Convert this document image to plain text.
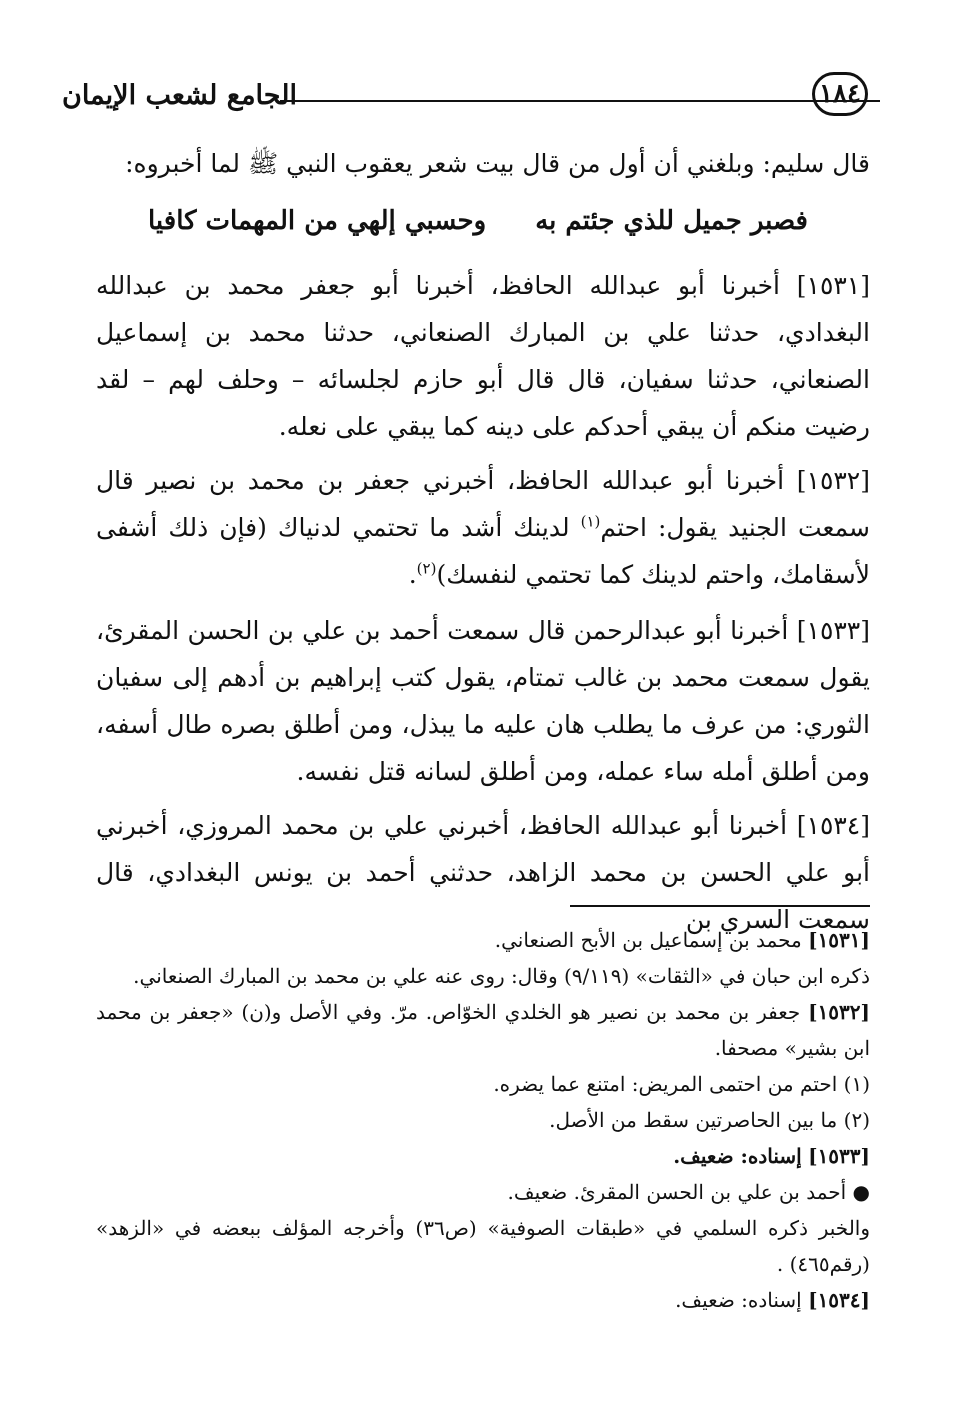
الجامع لشعب الإيمان	١٨٤
قال سليم: وبلغني أن أول من قال بيت شعر يعقوب النبي ﷺ لما أخبروه:
فصبر جميل للذي جئتم به
وحسبي إلهي من المهمات كافيا
[١٥٣١] أخبرنا أبو عبدالله الحافظ، أخبرنا أبو جعفر محمد بن عبدالله البغدادي، حدثنا علي بن المبارك الصنعاني، حدثنا محمد بن إسماعيل الصنعاني، حدثنا سفيان، قال قال أبو حازم لجلسائه – وحلف لهم – لقد رضيت منكم أن يبقي أحدكم على دينه كما يبقي على نعله.
[١٥٣٢] أخبرنا أبو عبدالله الحافظ، أخبرني جعفر بن محمد بن نصير قال سمعت الجنيد يقول: احتم$^{(١)}$ لدينك أشد ما تحتمي لدنياك (فإن ذلك أشفى لأسقامك، واحتم لدينك كما تحتمي لنفسك)$^{(٢)}$.
[١٥٣٣] أخبرنا أبو عبدالرحمن قال سمعت أحمد بن علي بن الحسن المقرئ، يقول سمعت محمد بن غالب تمتام، يقول كتب إبراهيم بن أدهم إلى سفيان الثوري: من عرف ما يطلب هان عليه ما يبذل، ومن أطلق بصره طال أسفه، ومن أطلق أمله ساء عمله، ومن أطلق لسانه قتل نفسه.
[١٥٣٤] أخبرنا أبو عبدالله الحافظ، أخبرني علي بن محمد المروزي، أخبرني أبو علي الحسن بن محمد الزاهد، حدثني أحمد بن يونس البغدادي، قال سمعت السري بن

[١٥٣١] محمد بن إسماعيل بن الأبح الصنعاني.

ذكره ابن حبان في «الثقات» (٩/١١٩) وقال: روى عنه علي بن محمد بن المبارك الصنعاني.

[١٥٣٢] جعفر بن محمد بن نصير هو الخلدي الخوّاص. مرّ. وفي الأصل و(ن) «جعفر بن محمد ابن بشير» مصحفا.

(١) احتم من احتمى المريض: امتنع عما يضره.

(٢) ما بين الحاصرتين سقط من الأصل.

[١٥٣٣] إسناده: ضعيف.

● أحمد بن علي بن الحسن المقرئ. ضعيف.

والخبر ذكره السلمي في «طبقات الصوفية» (ص٣٦) وأخرجه المؤلف ببعضه في «الزهد» (رقم٤٦٥) .

[١٥٣٤] إسناده: ضعيف.
